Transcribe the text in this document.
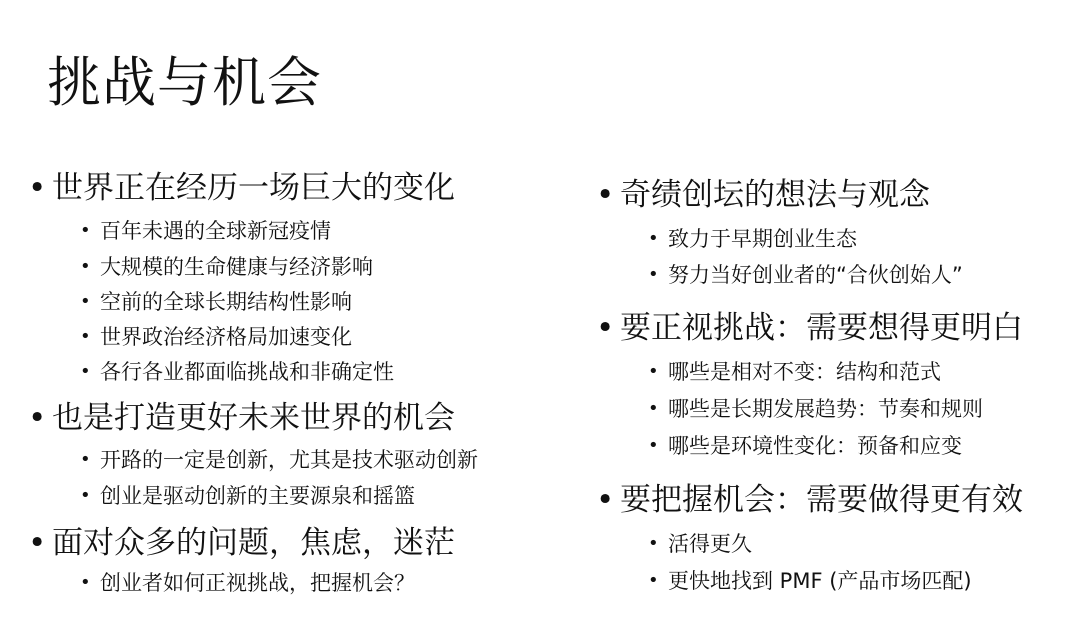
挑战与机会
• 世界正在经历一场巨大的变化
• 百年未遇的全球新冠疫情
• 大规模的生命健康与经济影响
• 空前的全球长期结构性影响
• 世界政治经济格局加速变化
• 各行各业都面临挑战和非确定性
• 也是打造更好未来世界的机会
• 开路的一定是创新，尤其是技术驱动创新
• 创业是驱动创新的主要源泉和摇篮
• 面对众多的问题，焦虑，迷茫
• 创业者如何正视挑战，把握机会？
• 奇绩创坛的想法与观念
• 致力于早期创业生态
• 努力当好创业者的“合伙创始人”
• 要正视挑战：需要想得更明白
• 哪些是相对不变：结构和范式
• 哪些是长期发展趋势：节奏和规则
• 哪些是环境性变化：预备和应变
• 要把握机会：需要做得更有效
• 活得更久
• 更快地找到 PMF (产品市场匹配)
